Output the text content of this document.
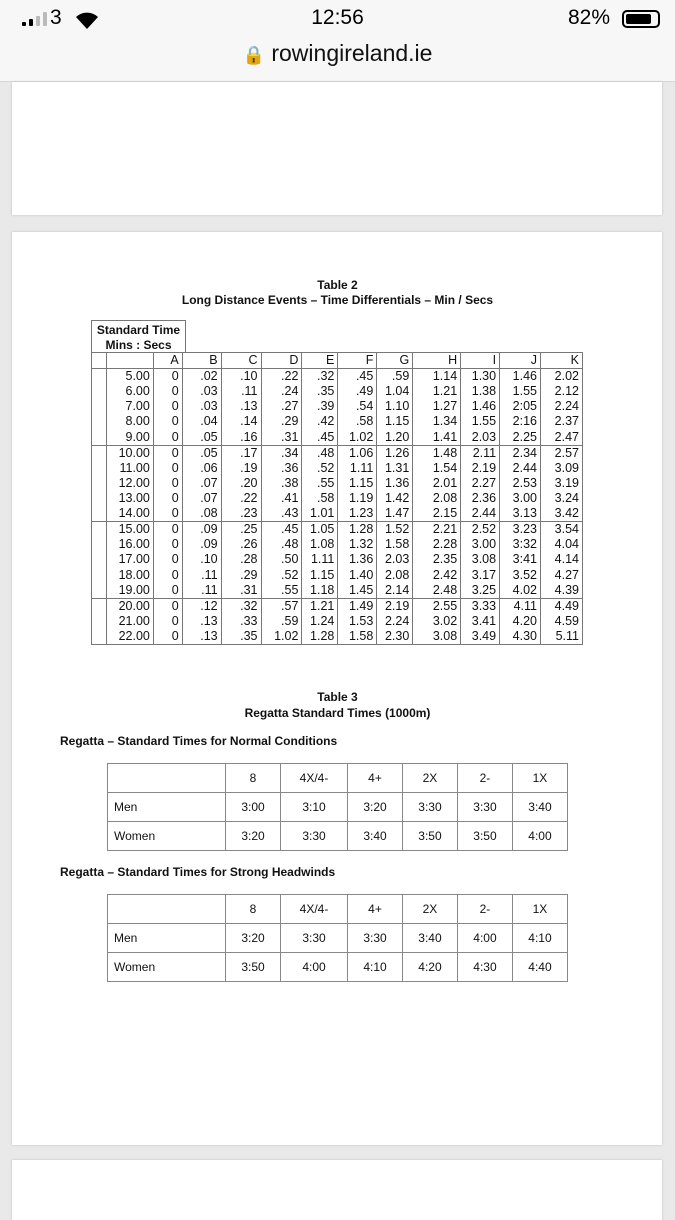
3	12:56	82%
🔒 rowingireland.ie
Table 2
Long Distance Events – Time Differentials – Min / Secs
Standard Time
Mins : Secs
		A	B	C	D	E	F	G	H	I	J	K
	5.00	0	.02	.10	.22	.32	.45	.59	1.14	1.30	1.46	2.02
	6.00	0	.03	.11	.24	.35	.49	1.04	1.21	1.38	1.55	2.12
	7.00	0	.03	.13	.27	.39	.54	1.10	1.27	1.46	2:05	2.24
	8.00	0	.04	.14	.29	.42	.58	1.15	1.34	1.55	2:16	2.37
	9.00	0	.05	.16	.31	.45	1.02	1.20	1.41	2.03	2.25	2.47
	10.00	0	.05	.17	.34	.48	1.06	1.26	1.48	2.11	2.34	2.57
	11.00	0	.06	.19	.36	.52	1.11	1.31	1.54	2.19	2.44	3.09
	12.00	0	.07	.20	.38	.55	1.15	1.36	2.01	2.27	2.53	3.19
	13.00	0	.07	.22	.41	.58	1.19	1.42	2.08	2.36	3.00	3.24
	14.00	0	.08	.23	.43	1.01	1.23	1.47	2.15	2.44	3.13	3.42
	15.00	0	.09	.25	.45	1.05	1.28	1.52	2.21	2.52	3.23	3.54
	16.00	0	.09	.26	.48	1.08	1.32	1.58	2.28	3.00	3:32	4.04
	17.00	0	.10	.28	.50	1.11	1.36	2.03	2.35	3.08	3:41	4.14
	18.00	0	.11	.29	.52	1.15	1.40	2.08	2.42	3.17	3.52	4.27
	19.00	0	.11	.31	.55	1.18	1.45	2.14	2.48	3.25	4.02	4.39
	20.00	0	.12	.32	.57	1.21	1.49	2.19	2.55	3.33	4.11	4.49
	21.00	0	.13	.33	.59	1.24	1.53	2.24	3.02	3.41	4.20	4.59
	22.00	0	.13	.35	1.02	1.28	1.58	2.30	3.08	3.49	4.30	5.11
Table 3
Regatta Standard Times (1000m)
Regatta – Standard Times for Normal Conditions
	8	4X/4-	4+	2X	2-	1X
Men	3:00	3:10	3:20	3:30	3:30	3:40
Women	3:20	3:30	3:40	3:50	3:50	4:00
Regatta – Standard Times for Strong Headwinds
	8	4X/4-	4+	2X	2-	1X
Men	3:20	3:30	3:30	3:40	4:00	4:10
Women	3:50	4:00	4:10	4:20	4:30	4:40
